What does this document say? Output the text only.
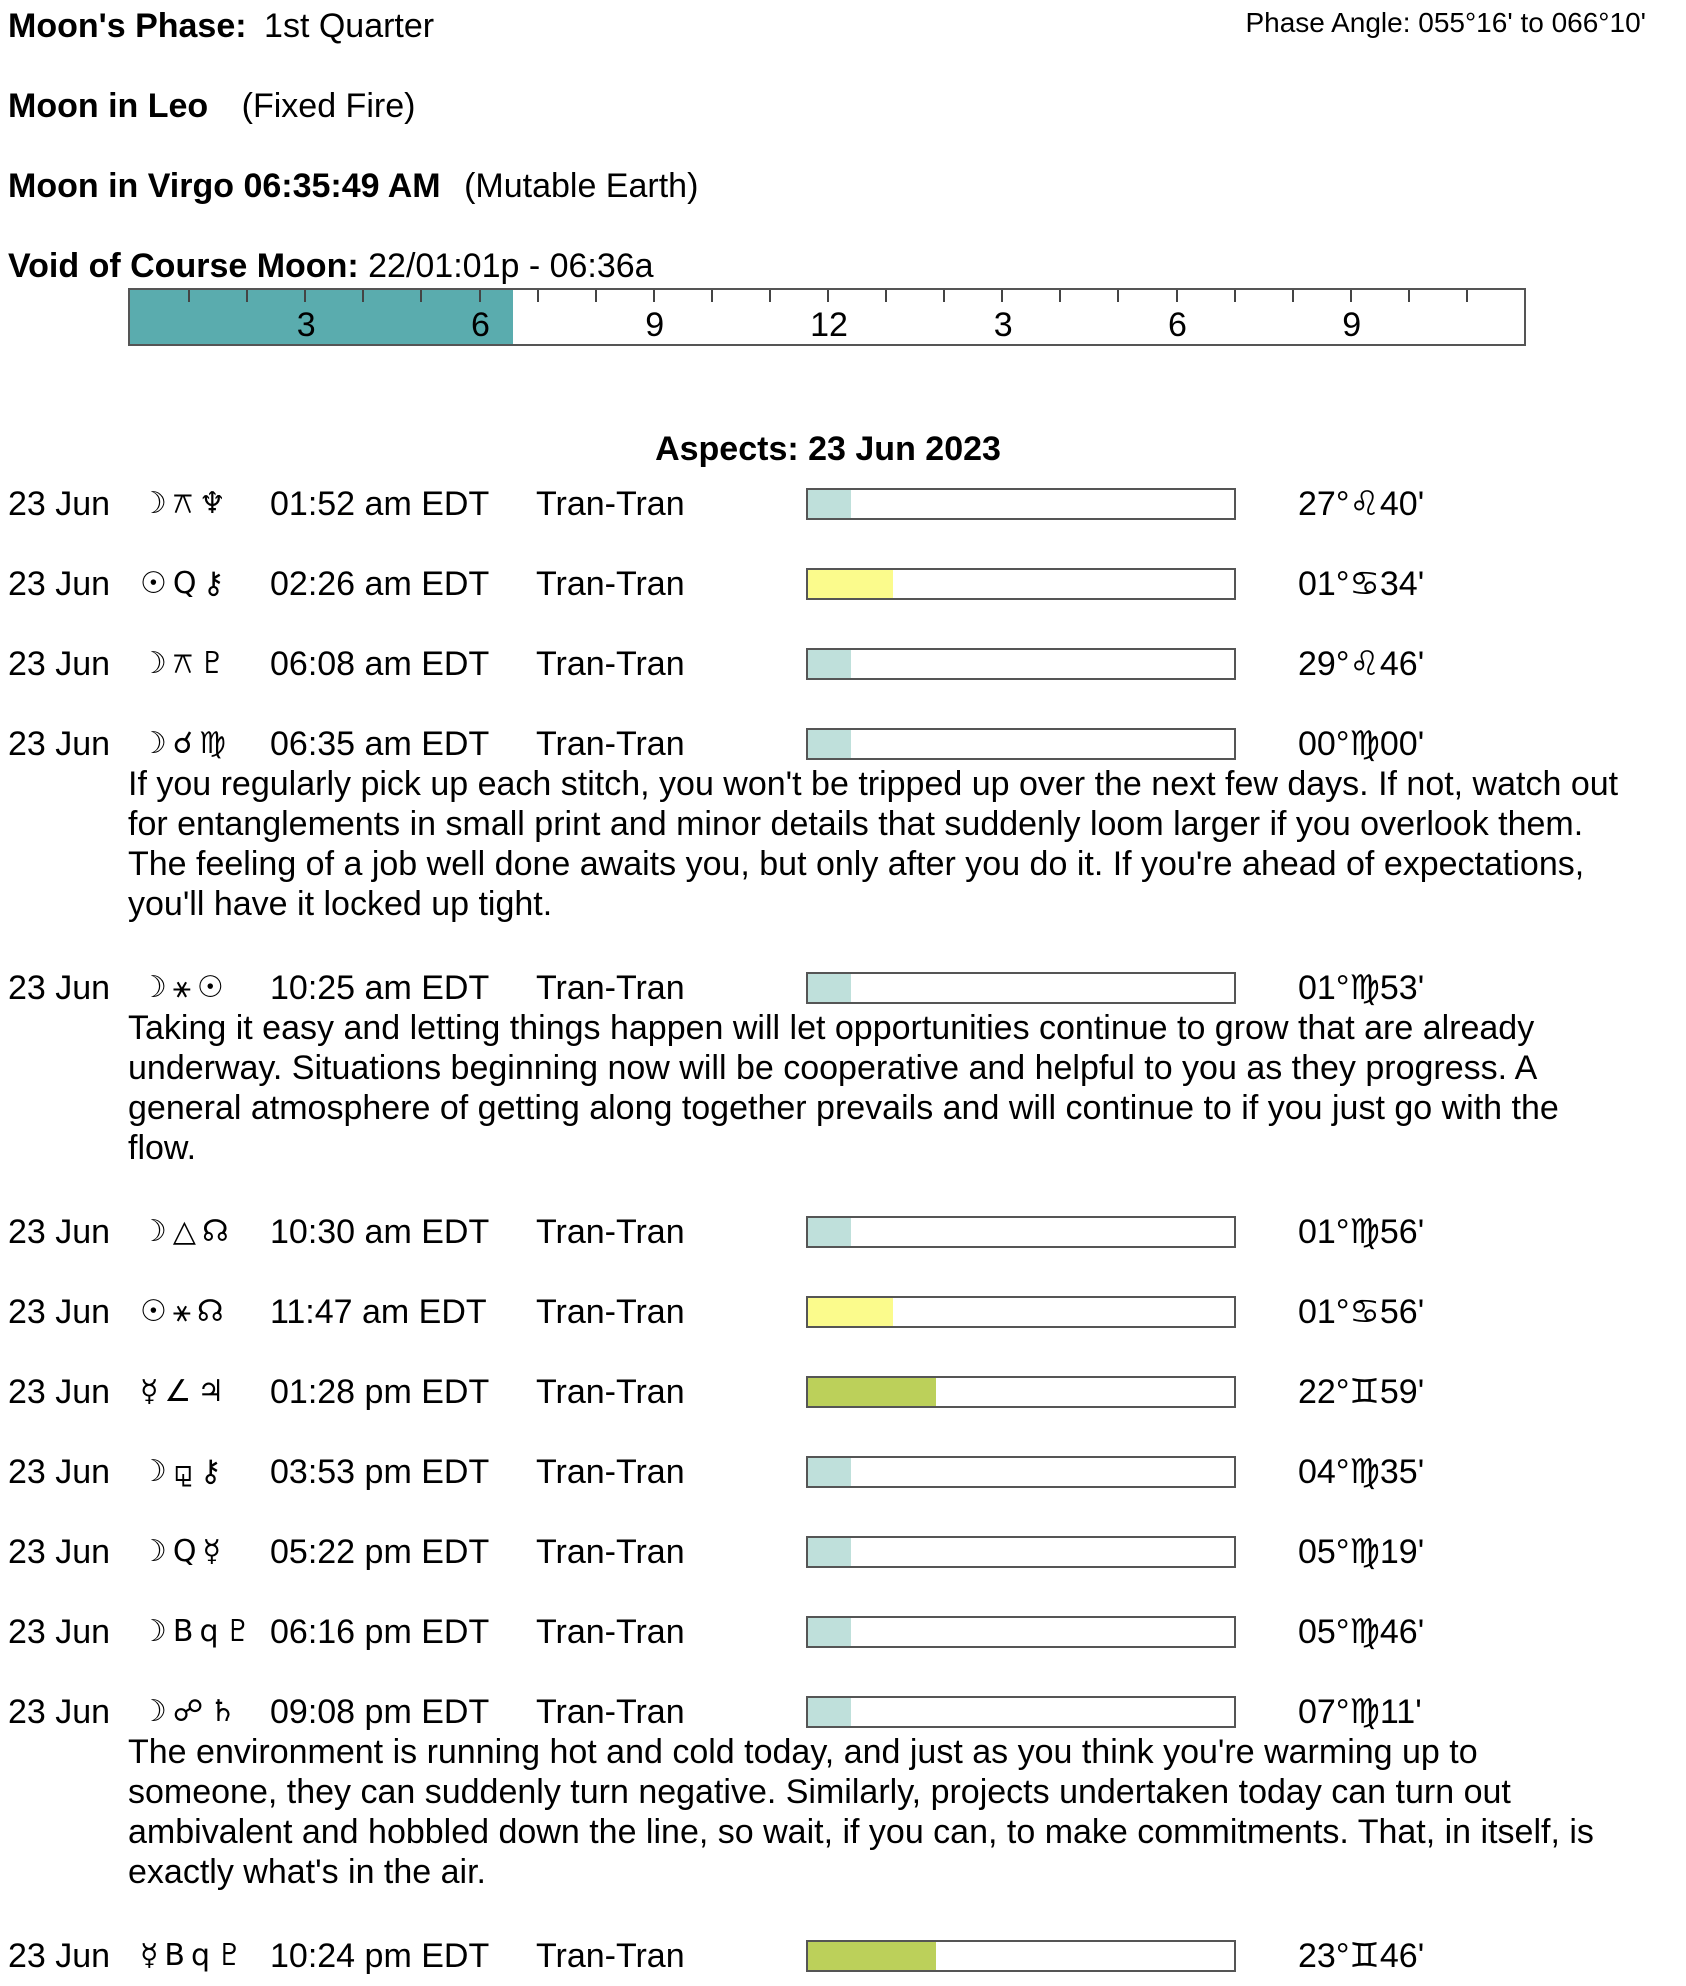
Moon's Phase: 1st Quarter	Phase Angle: 055°16' to 066°10'
Moon in Leo (Fixed Fire)
Moon in Virgo 06:35:49 AM (Mutable Earth)
Void of Course Moon: 22/01:01p - 06:36a
3	6	9	12	3	6	9
Aspects: 23 Jun 2023
23 Jun ☽⚻♆ 01:52 am EDT Tran-Tran	27°♌40'
23 Jun ☉Q⚷ 02:26 am EDT Tran-Tran	01°♋34'
23 Jun ☽⚻♇ 06:08 am EDT Tran-Tran	29°♌46'
23 Jun ☽☌♍ 06:35 am EDT Tran-Tran	00°♍00'
If you regularly pick up each stitch, you won't be tripped up over the next few days. If not, watch out for entanglements in small print and minor details that suddenly loom larger if you overlook them. The feeling of a job well done awaits you, but only after you do it. If you're ahead of expectations, you'll have it locked up tight.
23 Jun ☽⚹☉ 10:25 am EDT Tran-Tran	01°♍53'
Taking it easy and letting things happen will let opportunities continue to grow that are already underway. Situations beginning now will be cooperative and helpful to you as they progress. A general atmosphere of getting along together prevails and will continue to if you just go with the flow.
23 Jun ☽△☊ 10:30 am EDT Tran-Tran	01°♍56'
23 Jun ☉⚹☊ 11:47 am EDT Tran-Tran	01°♋56'
23 Jun ☿∠♃ 01:28 pm EDT Tran-Tran	22°♊59'
23 Jun ☽⚼⚷ 03:53 pm EDT Tran-Tran	04°♍35'
23 Jun ☽Q☿ 05:22 pm EDT Tran-Tran	05°♍19'
23 Jun ☽Bq♇ 06:16 pm EDT Tran-Tran	05°♍46'
23 Jun ☽☍♄ 09:08 pm EDT Tran-Tran	07°♍11'
The environment is running hot and cold today, and just as you think you're warming up to someone, they can suddenly turn negative. Similarly, projects undertaken today can turn out ambivalent and hobbled down the line, so wait, if you can, to make commitments. That, in itself, is exactly what's in the air.
23 Jun ☿Bq♇ 10:24 pm EDT Tran-Tran	23°♊46'
